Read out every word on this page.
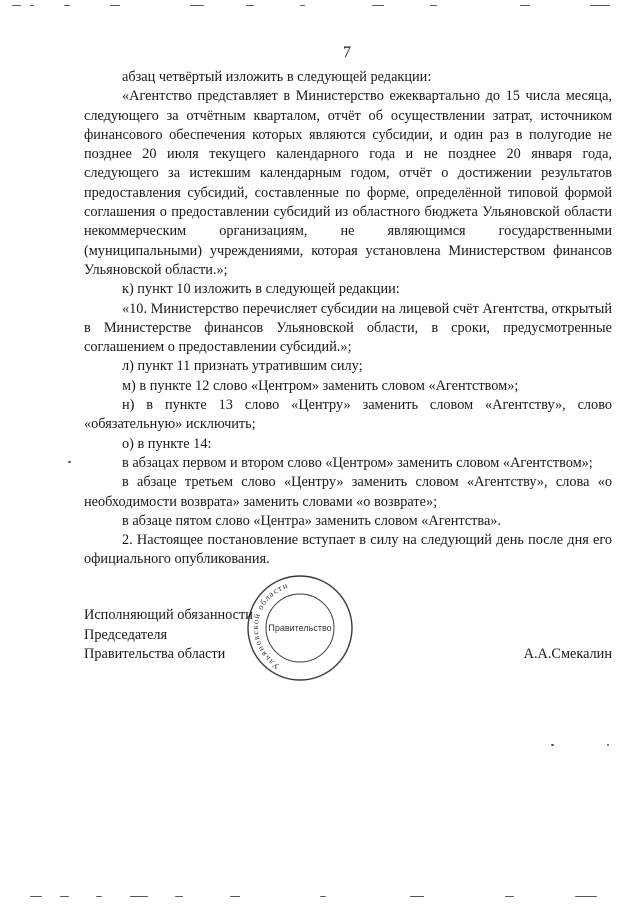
7

абзац четвёртый изложить в следующей редакции:

«Агентство представляет в Министерство ежеквартально до 15 числа месяца, следующего за отчётным кварталом, отчёт об осуществлении затрат, источником финансового обеспечения которых являются субсидии, и один раз в полугодие не позднее 20 июля текущего календарного года и не позднее 20 января года, следующего за истекшим календарным годом, отчёт о достижении результатов предоставления субсидий, составленные по форме, определённой типовой формой соглашения о предоставлении субсидий из областного бюджета Ульяновской области некоммерческим организациям, не являющимся государственными (муниципальными) учреждениями, которая установлена Министерством финансов Ульяновской области.»;

к) пункт 10 изложить в следующей редакции:

«10. Министерство перечисляет субсидии на лицевой счёт Агентства, открытый в Министерстве финансов Ульяновской области, в сроки, предусмотренные соглашением о предоставлении субсидий.»;

л) пункт 11 признать утратившим силу;

м) в пункте 12 слово «Центром» заменить словом «Агентством»;

н) в пункте 13 слово «Центру» заменить словом «Агентству», слово «обязательную» исключить;

о) в пункте 14:

в абзацах первом и втором слово «Центром» заменить словом «Агентством»;

в абзаце третьем слово «Центру» заменить словом «Агентству», слова «о необходимости возврата» заменить словами «о возврате»;

в абзаце пятом слово «Центра» заменить словом «Агентства».

2. Настоящее постановление вступает в силу на следующий день после дня его официального опубликования.

Ульяновской области
Правительство
Исполняющий обязанности
Председателя
Правительства области	А.А.Смекалин
